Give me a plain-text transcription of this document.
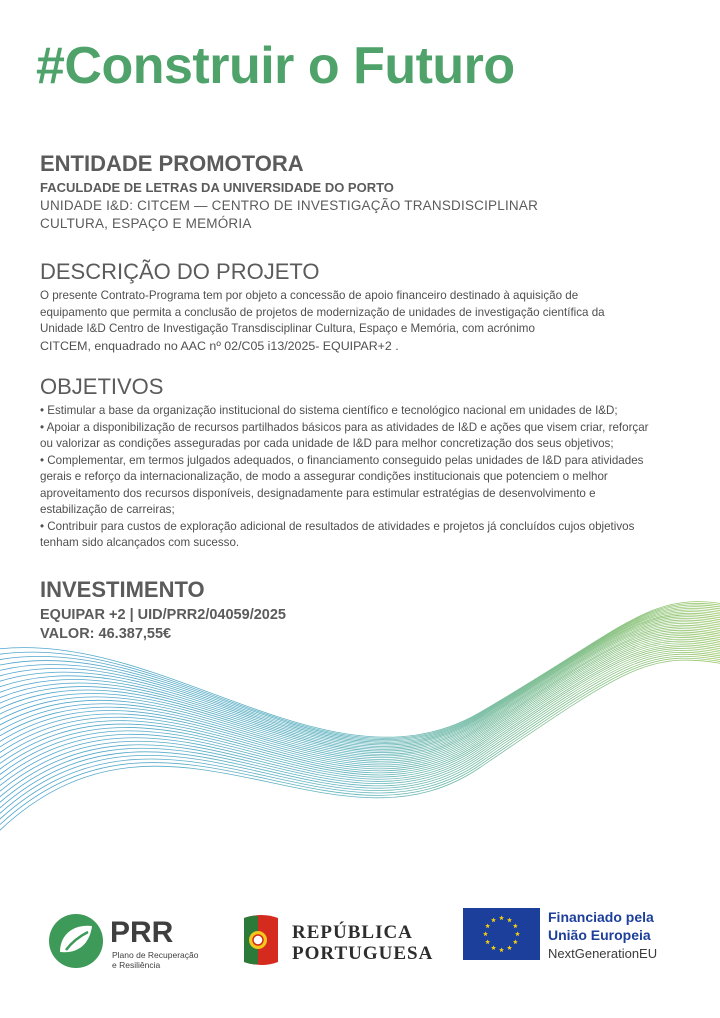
#Construir o Futuro
ENTIDADE PROMOTORA
FACULDADE DE LETRAS DA UNIVERSIDADE DO PORTO
UNIDADE I&D: CITCEM — CENTRO DE INVESTIGAÇÃO TRANSDISCIPLINAR
CULTURA, ESPAÇO E MEMÓRIA
DESCRIÇÃO DO PROJETO
O presente Contrato-Programa tem por objeto a concessão de apoio financeiro destinado à aquisição de
equipamento que permita a conclusão de projetos de modernização de unidades de investigação científica da
Unidade I&D Centro de Investigação Transdisciplinar Cultura, Espaço e Memória, com acrónimo
CITCEM, enquadrado no AAC nº 02/C05 i13/2025- EQUIPAR+2 .
OBJETIVOS
• Estimular a base da organização institucional do sistema científico e tecnológico nacional em unidades de I&D;
• Apoiar a disponibilização de recursos partilhados básicos para as atividades de I&D e ações que visem criar, reforçar
ou valorizar as condições asseguradas por cada unidade de I&D para melhor concretização dos seus objetivos;
• Complementar, em termos julgados adequados, o financiamento conseguido pelas unidades de I&D para atividades
gerais e reforço da internacionalização, de modo a assegurar condições institucionais que potenciem o melhor
aproveitamento dos recursos disponíveis, designadamente para estimular estratégias de desenvolvimento e
estabilização de carreiras;
• Contribuir para custos de exploração adicional de resultados de atividades e projetos já concluídos cujos objetivos
tenham sido alcançados com sucesso.
INVESTIMENTO
EQUIPAR +2 | UID/PRR2/04059/2025
VALOR: 46.387,55€
PRR
Plano de Recuperação
e Resiliência
REPÚBLICA
PORTUGUESA
Financiado pela
União Europeia
NextGenerationEU
